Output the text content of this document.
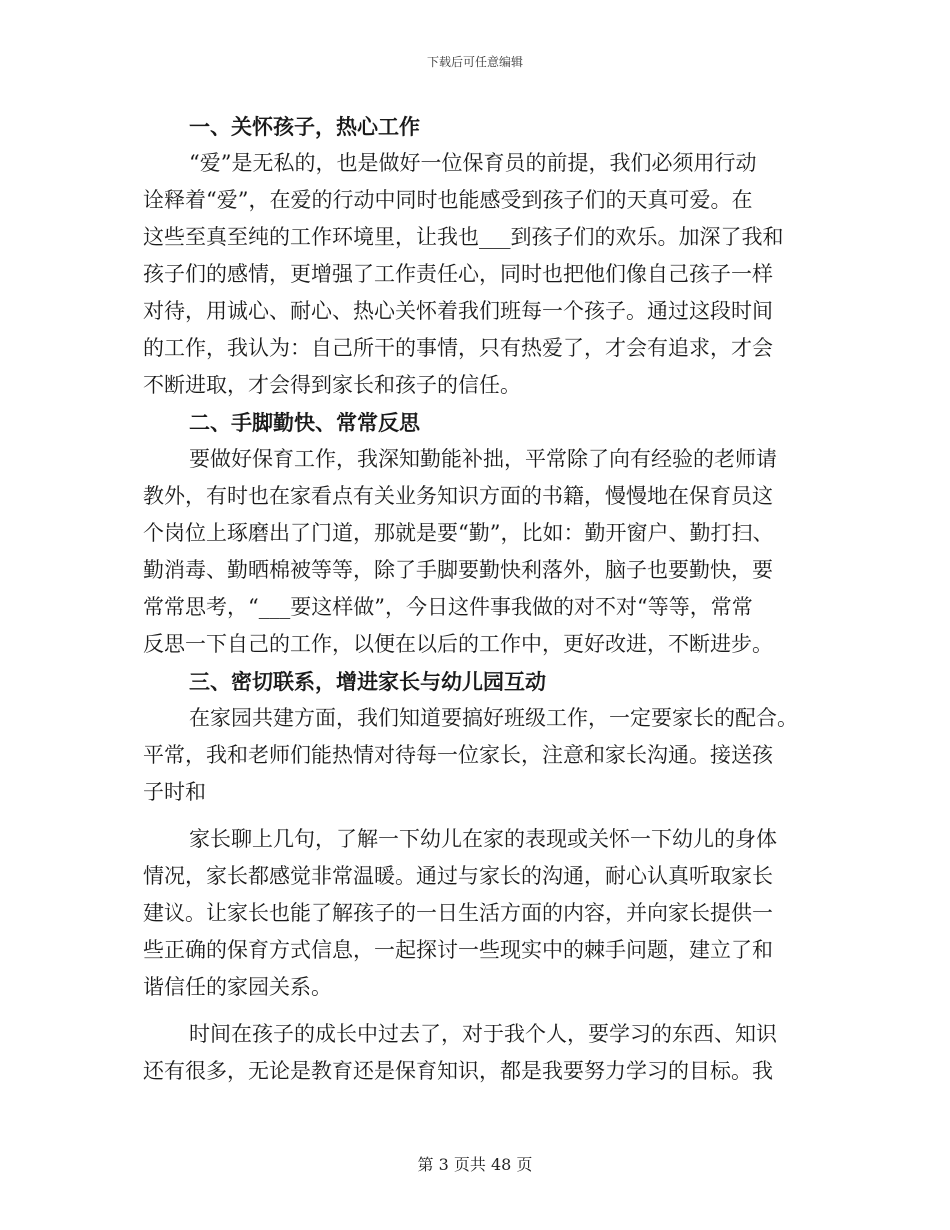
下载后可任意编辑
一、关怀孩子，热心工作
“爱”是无私的，也是做好一位保育员的前提，我们必须用行动
诠释着“爱”，在爱的行动中同时也能感受到孩子们的天真可爱。在
这些至真至纯的工作环境里，让我也___到孩子们的欢乐。加深了我和
孩子们的感情，更增强了工作责任心，同时也把他们像自己孩子一样
对待，用诚心、耐心、热心关怀着我们班每一个孩子。通过这段时间
的工作，我认为：自己所干的事情，只有热爱了，才会有追求，才会
不断进取，才会得到家长和孩子的信任。
二、手脚勤快、常常反思
要做好保育工作，我深知勤能补拙，平常除了向有经验的老师请
教外，有时也在家看点有关业务知识方面的书籍，慢慢地在保育员这
个岗位上琢磨出了门道，那就是要“勤”，比如：勤开窗户、勤打扫、
勤消毒、勤晒棉被等等，除了手脚要勤快利落外，脑子也要勤快，要
常常思考，“___要这样做”，今日这件事我做的对不对“等等，常常
反思一下自己的工作，以便在以后的工作中，更好改进，不断进步。
三、密切联系，增进家长与幼儿园互动
在家园共建方面，我们知道要搞好班级工作，一定要家长的配合。
平常，我和老师们能热情对待每一位家长，注意和家长沟通。接送孩
子时和
家长聊上几句，了解一下幼儿在家的表现或关怀一下幼儿的身体
情况，家长都感觉非常温暖。通过与家长的沟通，耐心认真听取家长
建议。让家长也能了解孩子的一日生活方面的内容，并向家长提供一
些正确的保育方式信息，一起探讨一些现实中的棘手问题，建立了和
谐信任的家园关系。
时间在孩子的成长中过去了，对于我个人，要学习的东西、知识
还有很多，无论是教育还是保育知识，都是我要努力学习的目标。我
第 3 页共 48 页
